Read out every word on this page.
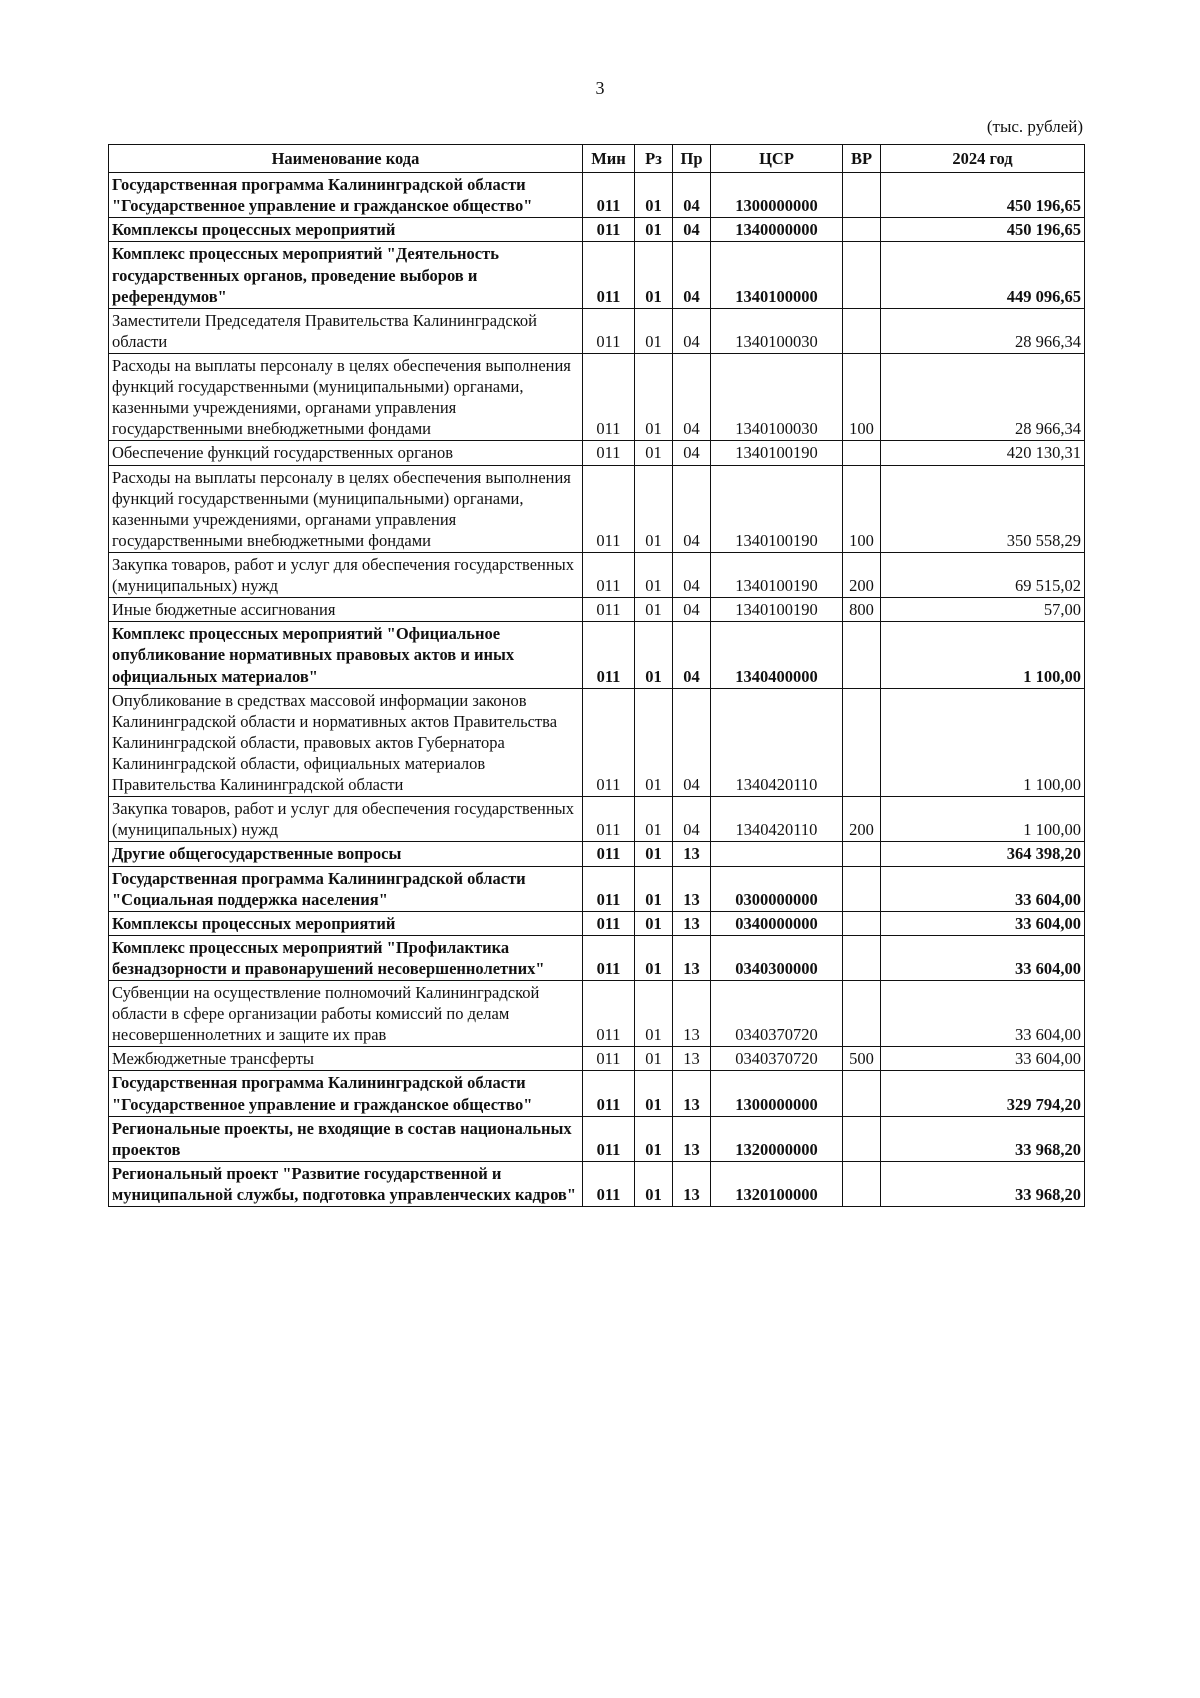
3
(тыс. рублей)
Наименование кода	Мин	Рз	Пр	ЦСР	ВР	2024 год
Государственная программа Калининградской области "Государственное управление и гражданское общество"	011	01	04	1300000000		450 196,65
Комплексы процессных мероприятий	011	01	04	1340000000		450 196,65
Комплекс процессных мероприятий "Деятельность государственных органов, проведение выборов и референдумов"	011	01	04	1340100000		449 096,65
Заместители Председателя Правительства Калининградской области	011	01	04	1340100030		28 966,34
Расходы на выплаты персоналу в целях обеспечения выполнения функций государственными (муниципальными) органами, казенными учреждениями, органами управления государственными внебюджетными фондами	011	01	04	1340100030	100	28 966,34
Обеспечение функций государственных органов	011	01	04	1340100190		420 130,31
Расходы на выплаты персоналу в целях обеспечения выполнения функций государственными (муниципальными) органами, казенными учреждениями, органами управления государственными внебюджетными фондами	011	01	04	1340100190	100	350 558,29
Закупка товаров, работ и услуг для обеспечения государственных (муниципальных) нужд	011	01	04	1340100190	200	69 515,02
Иные бюджетные ассигнования	011	01	04	1340100190	800	57,00
Комплекс процессных мероприятий "Официальное опубликование нормативных правовых актов и иных официальных материалов"	011	01	04	1340400000		1 100,00
Опубликование в средствах массовой информации законов Калининградской области и нормативных актов Правительства Калининградской области, правовых актов Губернатора Калининградской области, официальных материалов Правительства Калининградской области	011	01	04	1340420110		1 100,00
Закупка товаров, работ и услуг для обеспечения государственных (муниципальных) нужд	011	01	04	1340420110	200	1 100,00
Другие общегосударственные вопросы	011	01	13			364 398,20
Государственная программа Калининградской области "Социальная поддержка населения"	011	01	13	0300000000		33 604,00
Комплексы процессных мероприятий	011	01	13	0340000000		33 604,00
Комплекс процессных мероприятий "Профилактика безнадзорности и правонарушений несовершеннолетних"	011	01	13	0340300000		33 604,00
Субвенции на осуществление полномочий Калининградской области в сфере организации работы комиссий по делам несовершеннолетних и защите их прав	011	01	13	0340370720		33 604,00
Межбюджетные трансферты	011	01	13	0340370720	500	33 604,00
Государственная программа Калининградской области "Государственное управление и гражданское общество"	011	01	13	1300000000		329 794,20
Региональные проекты, не входящие в состав национальных проектов	011	01	13	1320000000		33 968,20
Региональный проект "Развитие государственной и муниципальной службы, подготовка управленческих кадров"	011	01	13	1320100000		33 968,20
